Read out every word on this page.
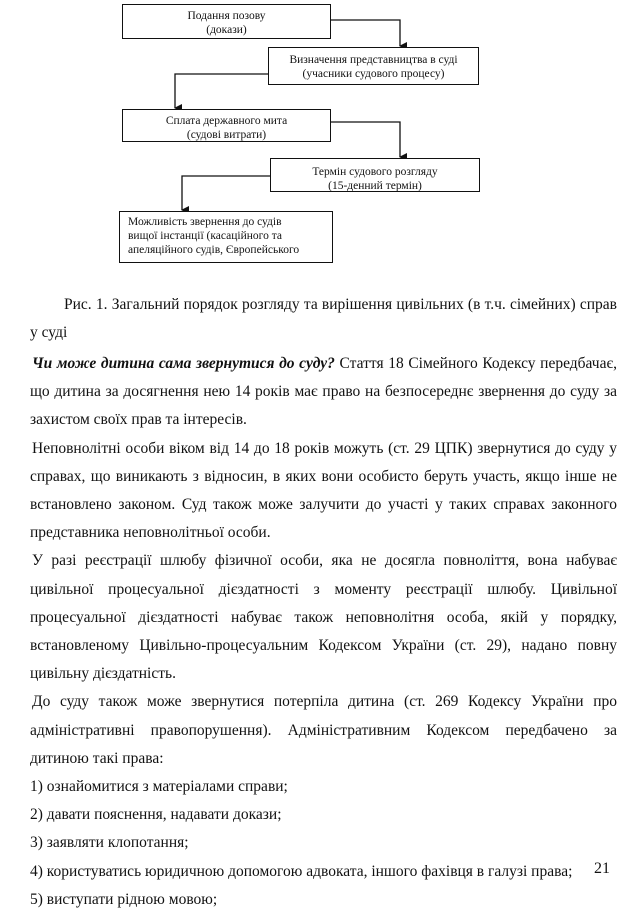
Подання позову
(докази)
Визначення представництва в суді
(учасники судового процесу)
Сплата державного мита
(судові витрати)
Термін судового розгляду
(15-денний термін)
Можливість звернення до судів
вищої інстанції (касаційного та
апеляційного судів, Європейського
Рис. 1. Загальний порядок розгляду та вирішення цивільних (в т.ч. сімейних) справ у суді

Чи може дитина сама звернутися до суду? Стаття 18 Сімейного Кодексу передбачає, що дитина за досягнення нею 14 років має право на безпосереднє звернення до суду за захистом своїх прав та інтересів.

Неповнолітні особи віком від 14 до 18 років можуть (ст. 29 ЦПК) звернутися до суду у справах, що виникають з відносин, в яких вони особисто беруть участь, якщо інше не встановлено законом. Суд також може залучити до участі у таких справах законного представника неповнолітньої особи.

У разі реєстрації шлюбу фізичної особи, яка не досягла повноліття, вона набуває цивільної процесуальної дієздатності з моменту реєстрації шлюбу. Цивільної процесуальної дієздатності набуває також неповнолітня особа, якій у порядку, встановленому Цивільно-процесуальним Кодексом України (ст. 29), надано повну цивільну дієздатність.

До суду також може звернутися потерпіла дитина (ст. 269 Кодексу України про адміністративні правопорушення). Адміністративним Кодексом передбачено за дитиною такі права:

1) ознайомитися з матеріалами справи;

2) давати пояснення, надавати докази;

3) заявляти клопотання;

4) користуватись юридичною допомогою адвоката, іншого фахівця в галузі права;

5) виступати рідною мовою;

21
